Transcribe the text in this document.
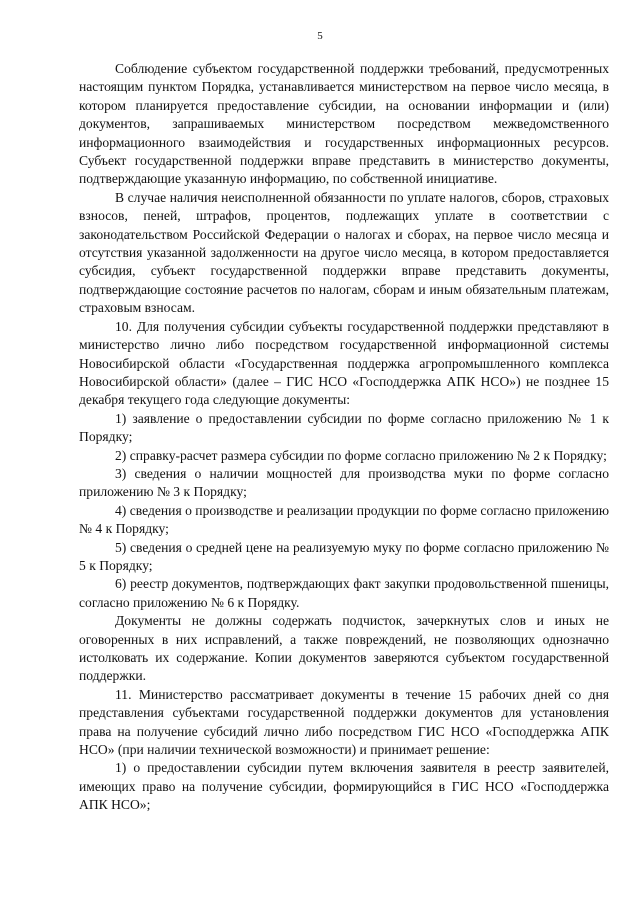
5

Соблюдение субъектом государственной поддержки требований, предусмотренных настоящим пунктом Порядка, устанавливается министерством на первое число месяца, в котором планируется предоставление субсидии, на основании информации и (или) документов, запрашиваемых министерством посредством межведомственного информационного взаимодействия и государственных информационных ресурсов. Субъект государственной поддержки вправе представить в министерство документы, подтверждающие указанную информацию, по собственной инициативе.

В случае наличия неисполненной обязанности по уплате налогов, сборов, страховых взносов, пеней, штрафов, процентов, подлежащих уплате в соответствии с законодательством Российской Федерации о налогах и сборах, на первое число месяца и отсутствия указанной задолженности на другое число месяца, в котором предоставляется субсидия, субъект государственной поддержки вправе представить документы, подтверждающие состояние расчетов по налогам, сборам и иным обязательным платежам, страховым взносам.

10. Для получения субсидии субъекты государственной поддержки представляют в министерство лично либо посредством государственной информационной системы Новосибирской области «Государственная поддержка агропромышленного комплекса Новосибирской области» (далее – ГИС НСО «Господдержка АПК НСО») не позднее 15 декабря текущего года следующие документы:

1) заявление о предоставлении субсидии по форме согласно приложению № 1 к Порядку;

2) справку-расчет размера субсидии по форме согласно приложению № 2 к Порядку;

3) сведения о наличии мощностей для производства муки по форме согласно приложению № 3 к Порядку;

4) сведения о производстве и реализации продукции по форме согласно приложению № 4 к Порядку;

5) сведения о средней цене на реализуемую муку по форме согласно приложению № 5 к Порядку;

6) реестр документов, подтверждающих факт закупки продовольственной пшеницы, согласно приложению № 6 к Порядку.

Документы не должны содержать подчисток, зачеркнутых слов и иных не оговоренных в них исправлений, а также повреждений, не позволяющих однозначно истолковать их содержание. Копии документов заверяются субъектом государственной поддержки.

11. Министерство рассматривает документы в течение 15 рабочих дней со дня представления субъектами государственной поддержки документов для установления права на получение субсидий лично либо посредством ГИС НСО «Господдержка АПК НСО» (при наличии технической возможности) и принимает решение:

1) о предоставлении субсидии путем включения заявителя в реестр заявителей, имеющих право на получение субсидии, формирующийся в ГИС НСО «Господдержка АПК НСО»;
